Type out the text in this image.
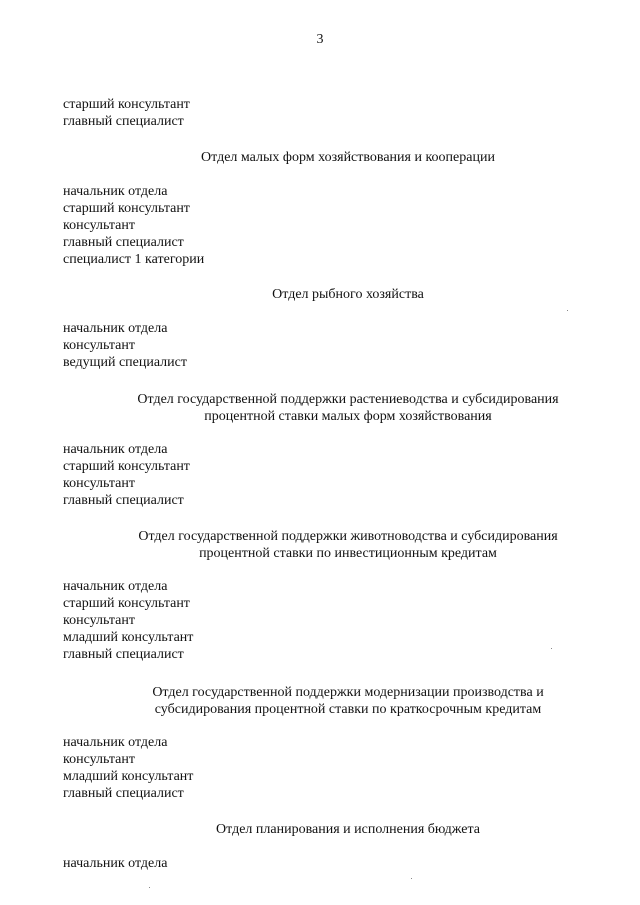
3
старший консультант
главный специалист
Отдел малых форм хозяйствования и кооперации
начальник отдела
старший консультант
консультант
главный специалист
специалист 1 категории
Отдел рыбного хозяйства
начальник отдела
консультант
ведущий специалист
Отдел государственной поддержки растениеводства и субсидирования
процентной ставки малых форм хозяйствования
начальник отдела
старший консультант
консультант
главный специалист
Отдел государственной поддержки животноводства и субсидирования
процентной ставки по инвестиционным кредитам
начальник отдела
старший консультант
консультант
младший консультант
главный специалист
Отдел государственной поддержки модернизации производства и
субсидирования процентной ставки по краткосрочным кредитам
начальник отдела
консультант
младший консультант
главный специалист
Отдел планирования и исполнения бюджета
начальник отдела
